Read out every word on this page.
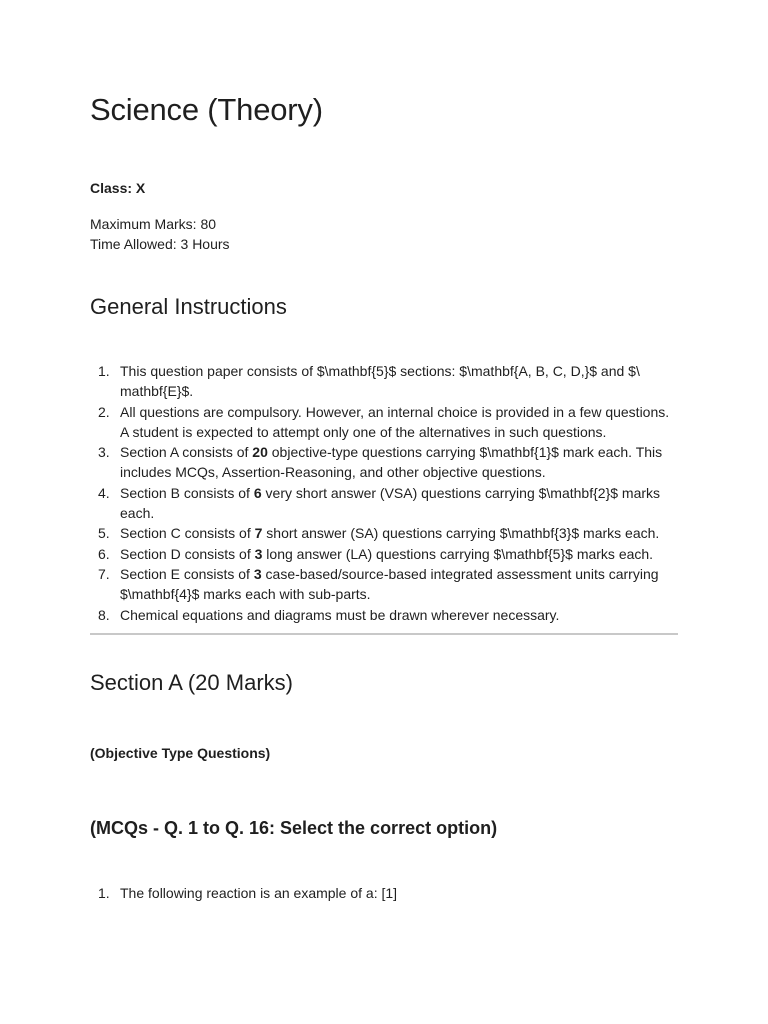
Science (Theory)
Class: X
Maximum Marks: 80
Time Allowed: 3 Hours
General Instructions
1. This question paper consists of $\mathbf{5}$ sections: $\mathbf{A, B, C, D,}$ and $\ mathbf{E}$.
2. All questions are compulsory. However, an internal choice is provided in a few questions. A student is expected to attempt only one of the alternatives in such questions.
3. Section A consists of 20 objective-type questions carrying $\mathbf{1}$ mark each. This includes MCQs, Assertion-Reasoning, and other objective questions.
4. Section B consists of 6 very short answer (VSA) questions carrying $\mathbf{2}$ marks each.
5. Section C consists of 7 short answer (SA) questions carrying $\mathbf{3}$ marks each.
6. Section D consists of 3 long answer (LA) questions carrying $\mathbf{5}$ marks each.
7. Section E consists of 3 case-based/source-based integrated assessment units carrying $\mathbf{4}$ marks each with sub-parts.
8. Chemical equations and diagrams must be drawn wherever necessary.
Section A (20 Marks)
(Objective Type Questions)
(MCQs - Q. 1 to Q. 16: Select the correct option)
1. The following reaction is an example of a: [1]
